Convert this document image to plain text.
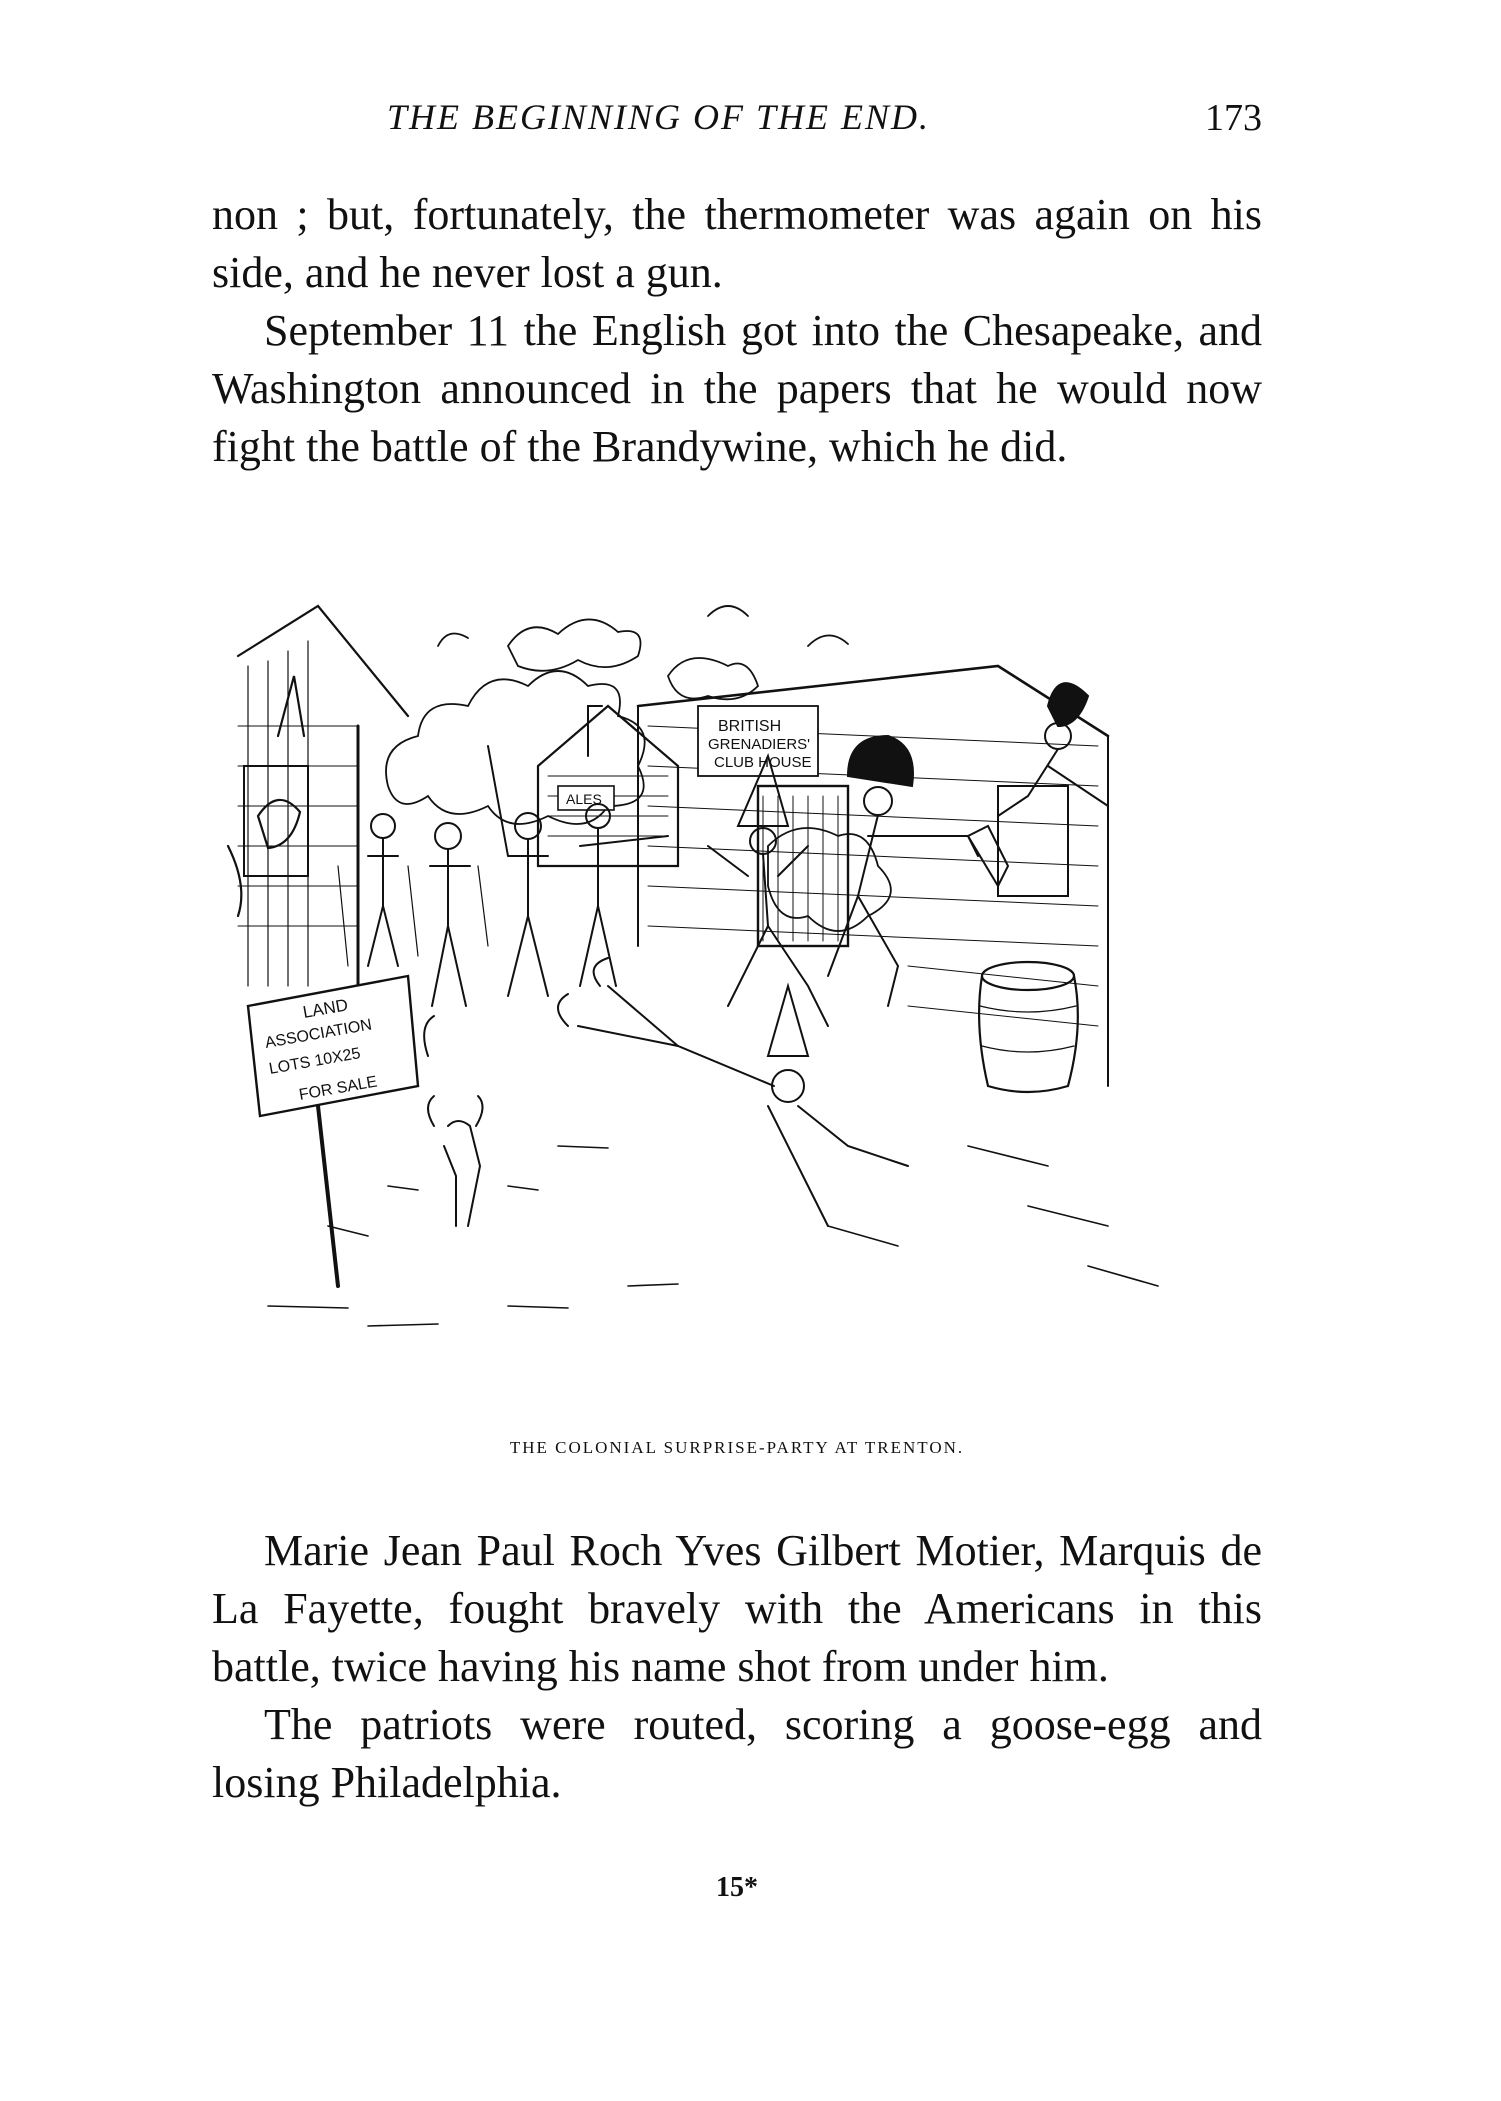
THE BEGINNING OF THE END.	173

non ; but, fortunately, the thermometer was again on his side, and he never lost a gun.

September 11 the English got into the Chesapeake, and Washington announced in the papers that he would now fight the battle of the Brandywine, which he did.

BRITISH
GRENADIERS'
CLUB HOUSE
ALES
LAND
ASSOCIATION
LOTS 10X25
FOR SALE
THE COLONIAL SURPRISE-PARTY AT TRENTON.

Marie Jean Paul Roch Yves Gilbert Motier, Marquis de La Fayette, fought bravely with the Americans in this battle, twice having his name shot from under him.

The patriots were routed, scoring a goose-egg and losing Philadelphia.

15*
